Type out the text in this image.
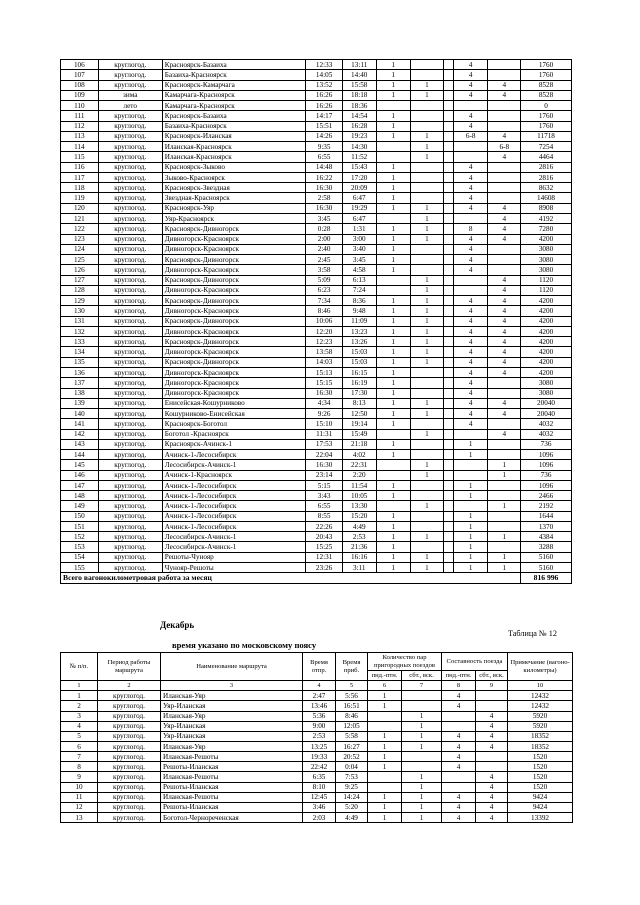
106	круглогод.	Красноярск-Базаиха	12:33	13:11	1			4		1760
107	круглогод.	Базаиха-Красноярск	14:05	14:40	1			4		1760
108	круглогод.	Красноярск-Камарчага	13:52	15:58	1	1		4	4	8528
109	зима	Камарчага-Красноярск	16:26	18:18	1	1		4	4	8528
110	лето	Камарчага-Красноярск	16:26	18:36						0
111	круглогод.	Красноярск-Базаиха	14:17	14:54	1			4		1760
112	круглогод.	Базаиха-Красноярск	15:51	16:28	1			4		1760
113	круглогод.	Красноярск-Иланская	14:26	19:23	1	1		6-8	4	11718
114	круглогод.	Иланская-Красноярск	9:35	14:30		1			6-8	7254
115	круглогод.	Иланская-Красноярск	6:55	11:52		1			4	4464
116	круглогод.	Красноярск-Зыково	14:48	15:43	1			4		2816
117	круглогод.	Зыково-Красноярск	16:22	17:20	1			4		2816
118	круглогод.	Красноярск-Звездная	16:30	20:09	1			4		8632
119	круглогод.	Звездная-Красноярск	2:58	6:47	1			4		14608
120	круглогод.	Красноярск-Уяр	16:30	19:29	1	1		4	4	8908
121	круглогод.	Уяр-Красноярск	3:45	6:47		1			4	4192
122	круглогод.	Красноярск-Дивногорск	0:28	1:31	1	1		8	4	7280
123	круглогод.	Дивногорск-Красноярск	2:00	3:00	1	1		4	4	4200
124	круглогод.	Дивногорск-Красноярск	2:40	3:40	1			4		3080
125	круглогод.	Красноярск-Дивногорск	2:45	3:45	1			4		3080
126	круглогод.	Дивногорск-Красноярск	3:58	4:58	1			4		3080
127	круглогод.	Красноярск-Дивногорск	5:09	6:13		1			4	1120
128	круглогод.	Дивногорск-Красноярск	6:23	7:24		1			4	1120
129	круглогод.	Красноярск-Дивногорск	7:34	8:36	1	1		4	4	4200
130	круглогод.	Дивногорск-Красноярск	8:46	9:48	1	1		4	4	4200
131	круглогод.	Красноярск-Дивногорск	10:06	11:09	1	1		4	4	4200
132	круглогод.	Дивногорск-Красноярск	12:20	13:23	1	1		4	4	4200
133	круглогод.	Красноярск-Дивногорск	12:23	13:26	1	1		4	4	4200
134	круглогод.	Дивногорск-Красноярск	13:58	15:03	1	1		4	4	4200
135	круглогод.	Красноярск-Дивногорск	14:03	15:03	1	1		4	4	4200
136	круглогод.	Дивногорск-Красноярск	15:13	16:15	1			4	4	4200
137	круглогод.	Дивногорск-Красноярск	15:15	16:19	1			4		3080
138	круглогод.	Дивногорск-Красноярск	16:30	17:30	1			4		3080
139	круглогод.	Енисейская-Кошурниково	4:34	8:13	1	1		4	4	20040
140	круглогод.	Кошурниково-Енисейская	9:26	12:50	1	1		4	4	20040
141	круглогод.	Красноярск-Боготол	15:10	19:14	1			4		4032
142	круглогод.	Боготол -Красноярск	11:31	15:49		1			4	4032
143	круглогод.	Красноярск-Ачинск-1	17:53	21:18	1			1		736
144	круглогод.	Ачинск-1-Лесосибирск	22:04	4:02	1			1		1096
145	круглогод.	Лесосибирск-Ачинск-1	16:30	22:31		1			1	1096
146	круглогод.	Ачинск-1-Красноярск	23:14	2:20		1			1	736
147	круглогод.	Ачинск-1-Лесосибирск	5:15	11:54	1			1		1096
148	круглогод.	Ачинск-1-Лесосибирск	3:43	10:05	1			1		2466
149	круглогод.	Ачинск-1-Лесосибирск	6:55	13:30		1			1	2192
150	круглогод.	Ачинск-1-Лесосибирск	8:55	15:20	1			1		1644
151	круглогод.	Ачинск-1-Лесосибирск	22:26	4:49	1			1		1370
152	круглогод.	Лесосибирск-Ачинск-1	20:43	2:53	1	1		1	1	4384
153	круглогод.	Лесосибирск-Ачинск-1	15:25	21:36	1			1		3288
154	круглогод.	Решоты-Чунояр	12:31	16:16	1	1		1	1	5160
155	круглогод.	Чунояр-Решоты	23:26	3:11	1	1		1	1	5160
Всего вагонокилометровая работа за месяц										816 996
Декабрь
Таблица № 12
время указано по московскому поясу
№ п/п.	Период работы маршрута	Наименование маршрута	Время отпр.	Время приб.	Количество пар пригородных поездов		Составность поезда		Примечание (вагоно-километры)
					пнд.-птн.	сбт., вск.	пнд.-птн.	сбт., вск.	
1	2	3	4	5	6	7	8	9	10
1	круглогод.	Иланская-Уяр	2:47	5:56	1		4		12432
2	круглогод.	Уяр-Иланская	13:46	16:51	1		4		12432
3	круглогод.	Иланская-Уяр	5:36	8:46		1		4	5920
4	круглогод.	Уяр-Иланская	9:00	12:05		1		4	5920
5	круглогод.	Уяр-Иланская	2:53	5:58	1	1	4	4	18352
6	круглогод.	Иланская-Уяр	13:25	16:27	1	1	4	4	18352
7	круглогод.	Иланская-Решоты	19:33	20:52	1		4		1520
8	круглогод.	Решоты-Иланская	22:42	0:04	1		4		1520
9	круглогод.	Иланская-Решоты	6:35	7:53		1		4	1520
10	круглогод.	Решоты-Иланская	8:10	9:25		1		4	1520
11	круглогод.	Иланская-Решоты	12:45	14:24	1	1	4	4	9424
12	круглогод.	Решоты-Иланская	3:46	5:20	1	1	4	4	9424
13	круглогод.	Боготол-Чернореченская	2:03	4:49	1	1	4	4	13392
